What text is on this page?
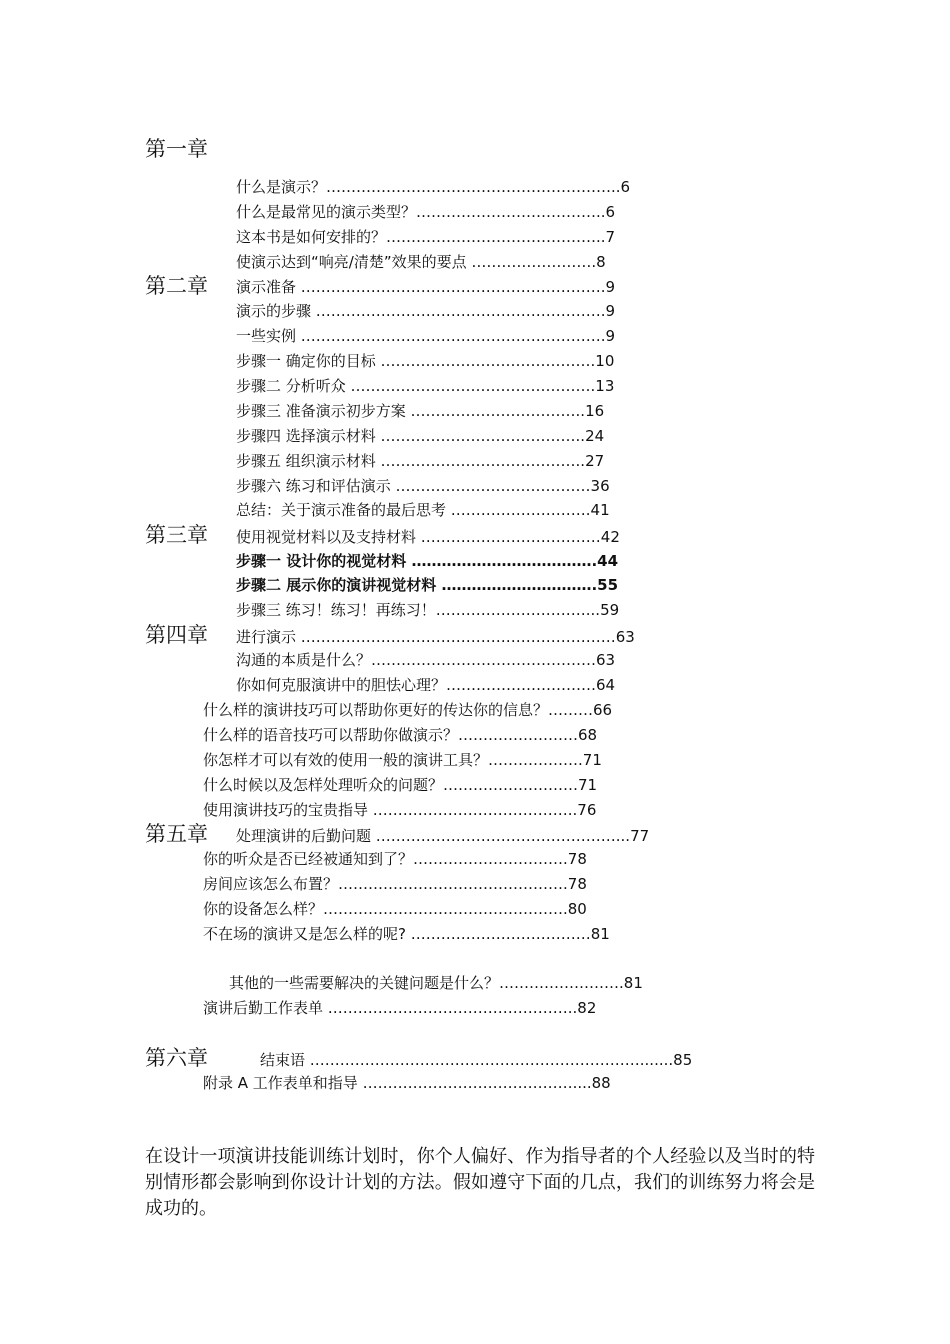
第一章
第二章
第三章
第四章
第五章
第六章
什么是演示？…………………………………………………..6
什么是最常见的演示类型？………………………………..6
这本书是如何安排的？……………………………………..7
使演示达到“响亮/清楚”效果的要点 …………………….8
演示准备 …………………………………………………….9
演示的步骤 ………………………………………………….9
一些实例 …………………………………………………….9
步骤一 确定你的目标 …………………………………….10
步骤二 分析听众 ………………………………………….13
步骤三 准备演示初步方案 ……………………………..16
步骤四 选择演示材料 …………………………………..24
步骤五 组织演示材料 …………………………………..27
步骤六 练习和评估演示 …………………………………36
总结：关于演示准备的最后思考 ……………………….41
使用视觉材料以及支持材料 ………………………………42
步骤一 设计你的视觉材料 ……………………………….44
步骤二 展示你的演讲视觉材料 ………………………….55
步骤三 练习！练习！再练习！…………………………...59
进行演示 ………………………………………………………63
沟通的本质是什么？………………………………………63
你如何克服演讲中的胆怯心理？…………………………64
什么样的演讲技巧可以帮助你更好的传达你的信息？………66
什么样的语音技巧可以帮助你做演示？……………………68
你怎样才可以有效的使用一般的演讲工具？……………….71
什么时候以及怎样处理听众的问题？………………………71
使用演讲技巧的宝贵指导 …………………………………..76
处理演讲的后勤问题 …………………………………………...77
你的听众是否已经被通知到了？………………………….78
房间应该怎么布置？……………………………………….78
你的设备怎么样？………………………………………….80
不在场的演讲又是怎么样的呢? ………………………………81
其他的一些需要解决的关键问题是什么？…………………….81
演讲后勤工作表单 …………………………………………..82
结束语 ………………………………………………………….......85
附录 A 工作表单和指导 ……………………………………....88
在设计一项演讲技能训练计划时，你个人偏好、作为指导者的个人经验以及当时的特别情形都会影响到你设计计划的方法。假如遵守下面的几点，我们的训练努力将会是成功的。
